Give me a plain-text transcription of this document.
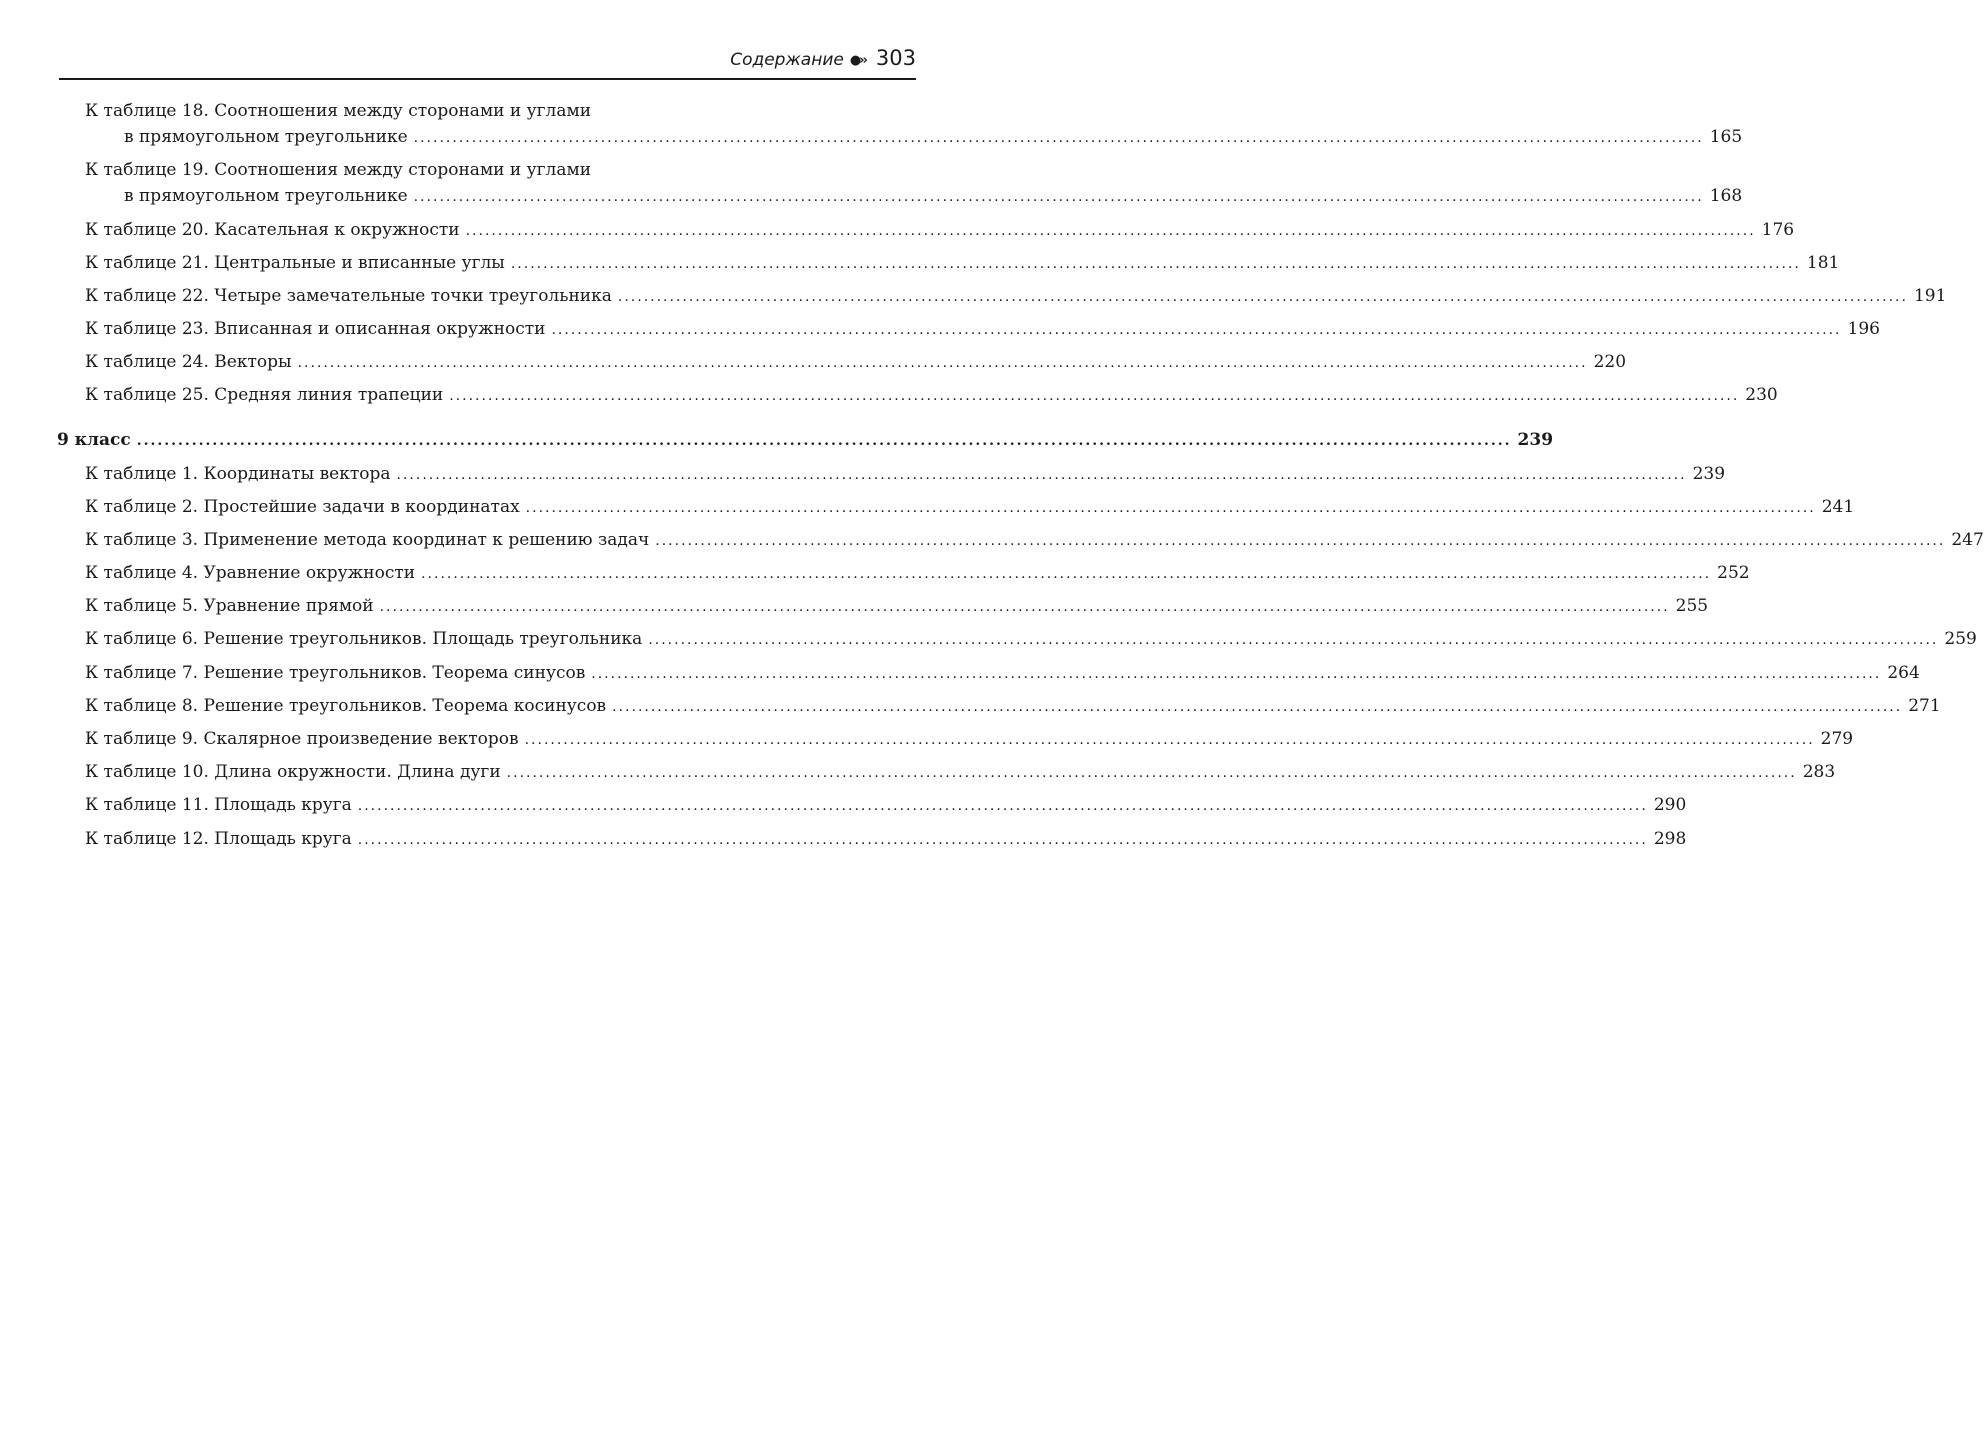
Содержание ●›› 303
К таблице 18. Соотношения между сторонами и углами
в прямоугольном треугольнике ........................................................................................................................................................................................................ 165
К таблице 19. Соотношения между сторонами и углами
в прямоугольном треугольнике ........................................................................................................................................................................................................ 168
К таблице 20. Касательная к окружности ........................................................................................................................................................................................................ 176
К таблице 21. Центральные и вписанные углы ........................................................................................................................................................................................................ 181
К таблице 22. Четыре замечательные точки треугольника ........................................................................................................................................................................................................ 191
К таблице 23. Вписанная и описанная окружности ........................................................................................................................................................................................................ 196
К таблице 24. Векторы ........................................................................................................................................................................................................ 220
К таблице 25. Средняя линия трапеции ........................................................................................................................................................................................................ 230
9 класс ........................................................................................................................................................................................................ 239
К таблице 1. Координаты вектора ........................................................................................................................................................................................................ 239
К таблице 2. Простейшие задачи в координатах ........................................................................................................................................................................................................ 241
К таблице 3. Применение метода координат к решению задач ........................................................................................................................................................................................................ 247
К таблице 4. Уравнение окружности ........................................................................................................................................................................................................ 252
К таблице 5. Уравнение прямой ........................................................................................................................................................................................................ 255
К таблице 6. Решение треугольников. Площадь треугольника ........................................................................................................................................................................................................ 259
К таблице 7. Решение треугольников. Теорема синусов ........................................................................................................................................................................................................ 264
К таблице 8. Решение треугольников. Теорема косинусов ........................................................................................................................................................................................................ 271
К таблице 9. Скалярное произведение векторов ........................................................................................................................................................................................................ 279
К таблице 10. Длина окружности. Длина дуги ........................................................................................................................................................................................................ 283
К таблице 11. Площадь круга ........................................................................................................................................................................................................ 290
К таблице 12. Площадь круга ........................................................................................................................................................................................................ 298
